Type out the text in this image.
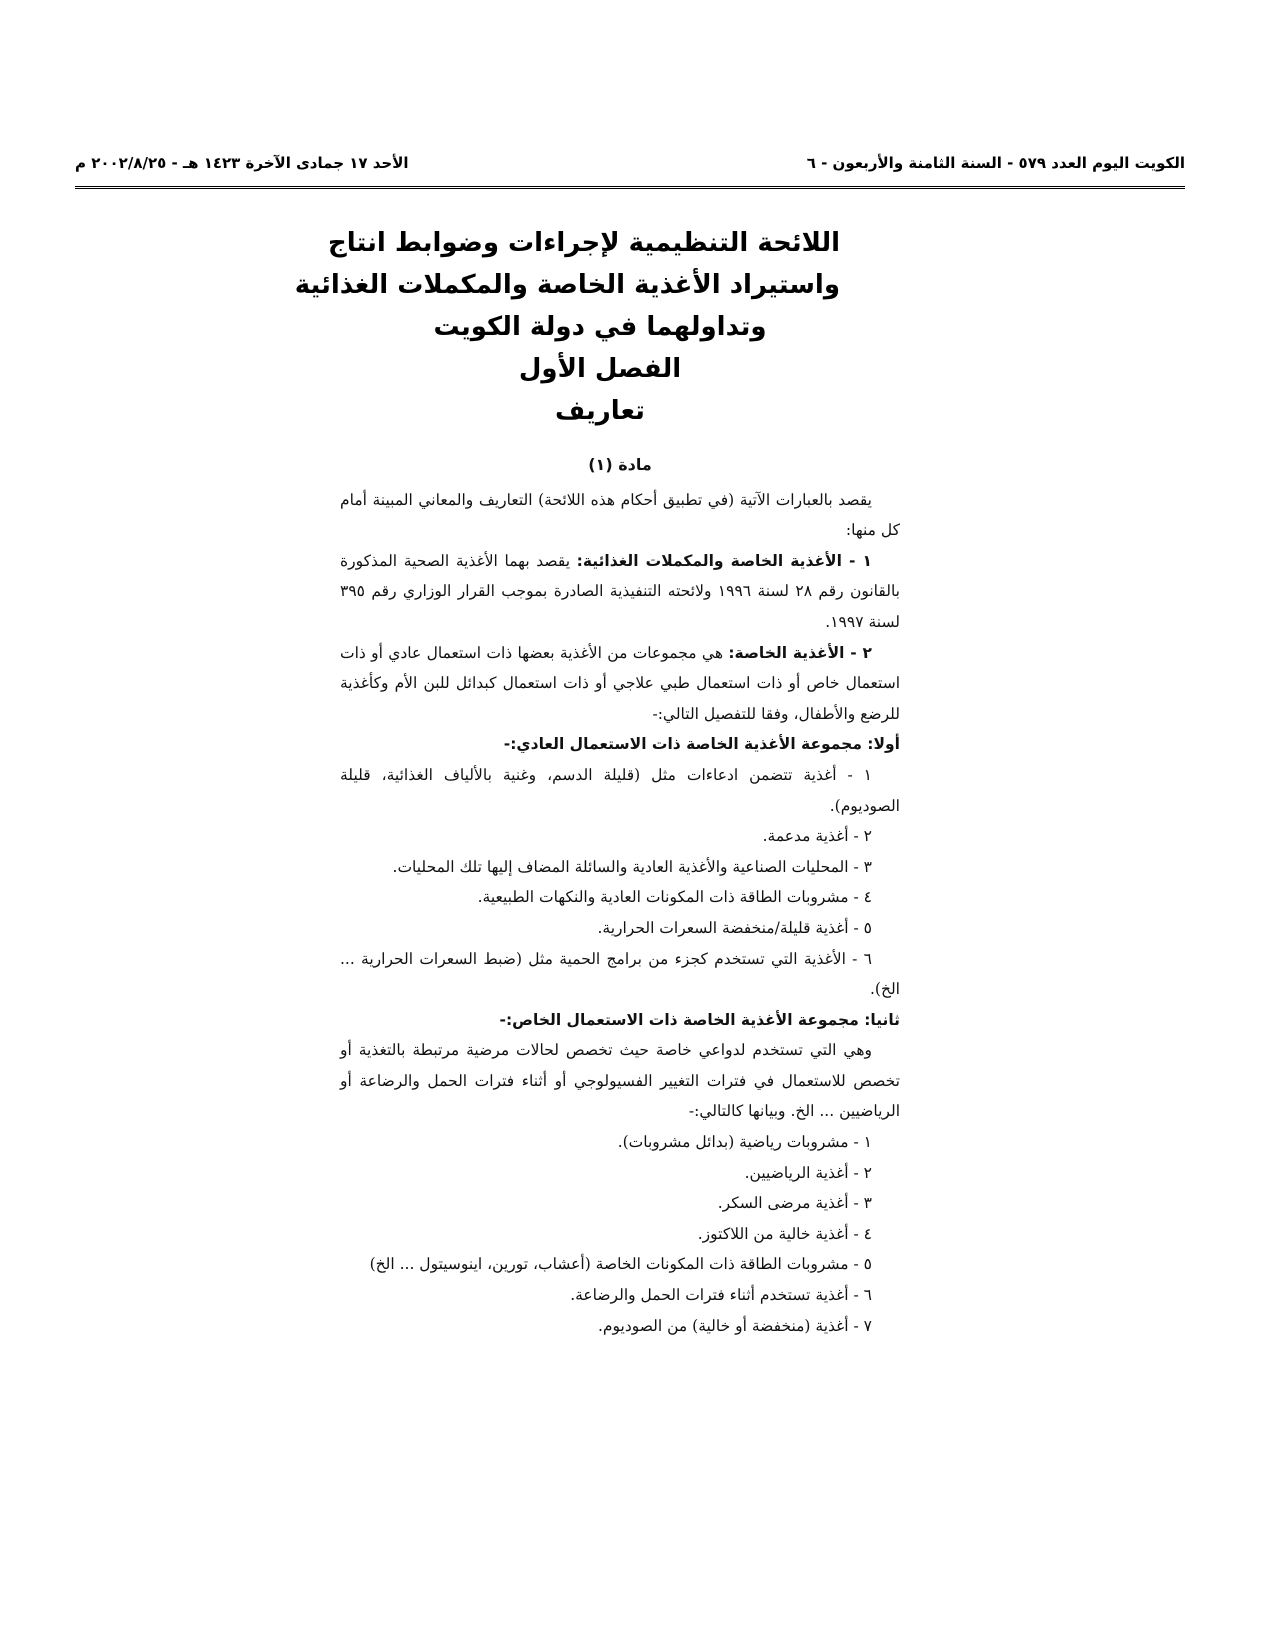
الكويت اليوم العدد ٥٧٩ - السنة الثامنة والأربعون - ٦
الأحد ١٧ جمادى الآخرة ١٤٢٣ هـ - ٢٠٠٢/٨/٢٥ م
اللائحة التنظيمية لإجراءات وضوابط انتاج
واستيراد الأغذية الخاصة والمكملات الغذائية
وتداولهما في دولة الكويت
الفصل الأول
تعاريف

مادة (١)

يقصد بالعبارات الآتية (في تطبيق أحكام هذه اللائحة) التعاريف والمعاني المبينة أمام كل منها:

١ - الأغذية الخاصة والمكملات الغذائية: يقصد بهما الأغذية الصحية المذكورة بالقانون رقم ٢٨ لسنة ١٩٩٦ ولائحته التنفيذية الصادرة بموجب القرار الوزاري رقم ٣٩٥ لسنة ١٩٩٧.

٢ - الأغذية الخاصة: هي مجموعات من الأغذية بعضها ذات استعمال عادي أو ذات استعمال خاص أو ذات استعمال طبي علاجي أو ذات استعمال كبدائل للبن الأم وكأغذية للرضع والأطفال، وفقا للتفصيل التالي:-

أولا: مجموعة الأغذية الخاصة ذات الاستعمال العادي:-

١ - أغذية تتضمن ادعاءات مثل (قليلة الدسم، وغنية بالألياف الغذائية، قليلة الصوديوم).

٢ - أغذية مدعمة.

٣ - المحليات الصناعية والأغذية العادية والسائلة المضاف إليها تلك المحليات.

٤ - مشروبات الطاقة ذات المكونات العادية والنكهات الطبيعية.

٥ - أغذية قليلة/منخفضة السعرات الحرارية.

٦ - الأغذية التي تستخدم كجزء من برامج الحمية مثل (ضبط السعرات الحرارية ... الخ).

ثانيا: مجموعة الأغذية الخاصة ذات الاستعمال الخاص:-

وهي التي تستخدم لدواعي خاصة حيث تخصص لحالات مرضية مرتبطة بالتغذية أو تخصص للاستعمال في فترات التغيير الفسيولوجي أو أثناء فترات الحمل والرضاعة أو الرياضيين ... الخ. وبيانها كالتالي:-

١ - مشروبات رياضية (بدائل مشروبات).

٢ - أغذية الرياضيين.

٣ - أغذية مرضى السكر.

٤ - أغذية خالية من اللاكتوز.

٥ - مشروبات الطاقة ذات المكونات الخاصة (أعشاب، تورين، اينوسيتول ... الخ)

٦ - أغذية تستخدم أثناء فترات الحمل والرضاعة.

٧ - أغذية (منخفضة أو خالية) من الصوديوم.
